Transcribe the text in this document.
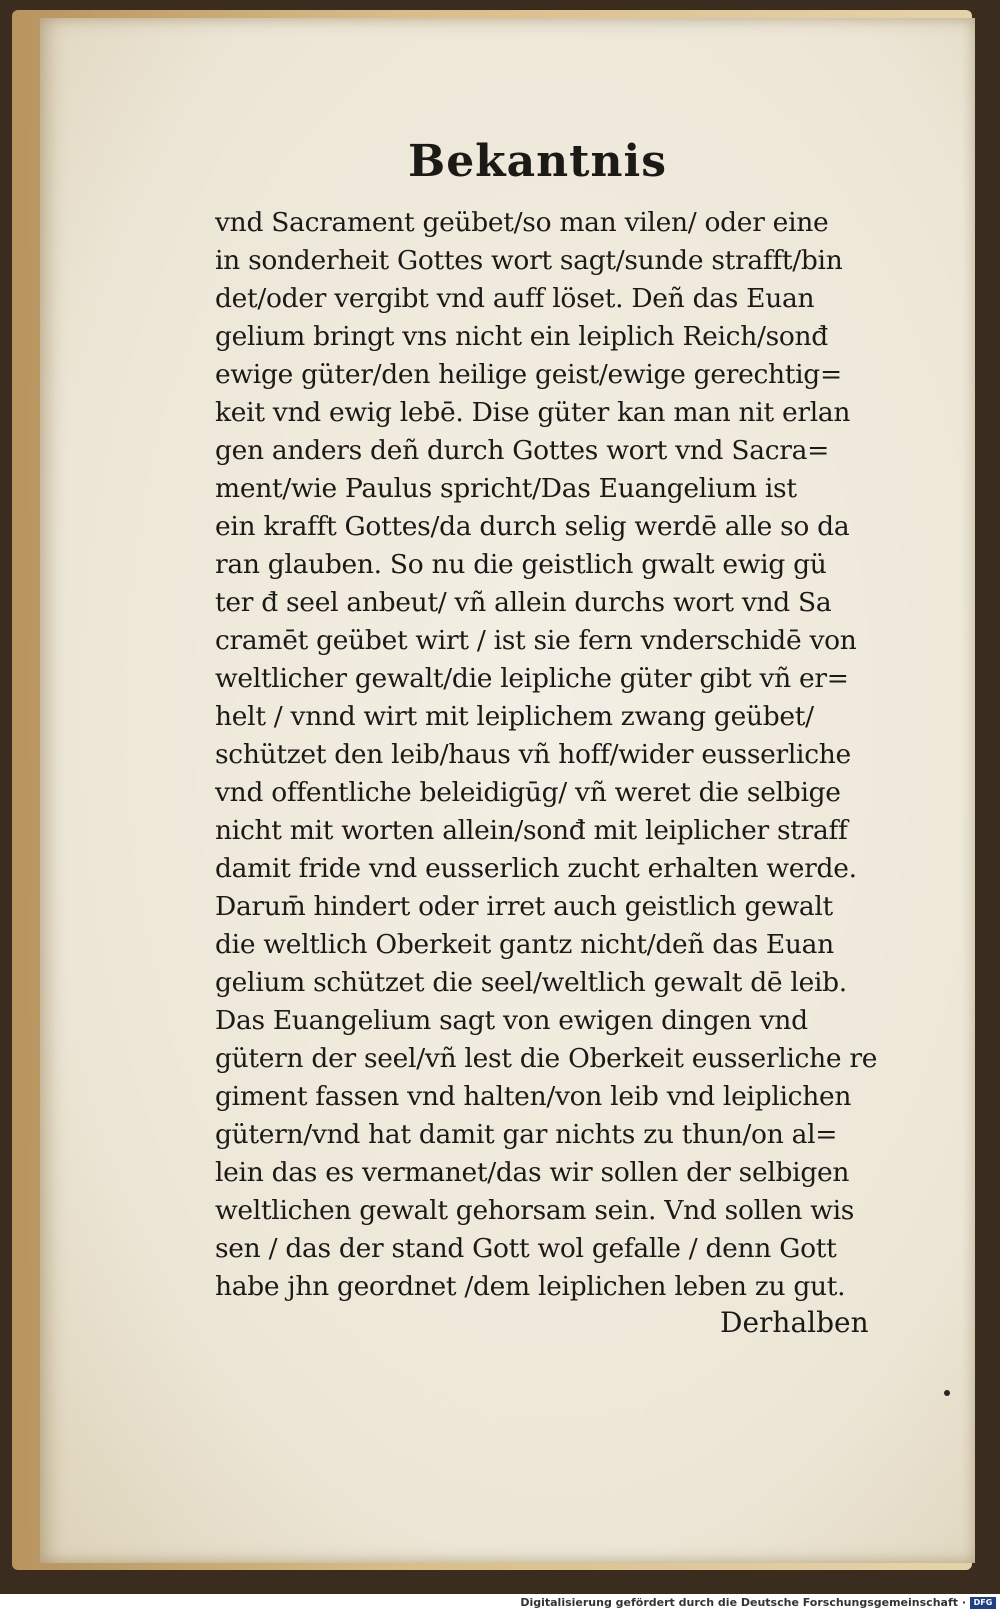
Bekantnis
vnd Sacrament geübet/so man vilen/ oder eine
in sonderheit Gottes wort sagt/sunde strafft/bin
det/oder vergibt vnd auff löset. Deñ das Euan
gelium bringt vns nicht ein leiplich Reich/sonđ
ewige güter/den heilige geist/ewige gerechtig=
keit vnd ewig lebē. Dise güter kan man nit erlan
gen anders deñ durch Gottes wort vnd Sacra=
ment/wie Paulus spricht/Das Euangelium ist
ein krafft Gottes/da durch selig werdē alle so da
ran glauben. So nu die geistlich gwalt ewig gü
ter đ seel anbeut/ vñ allein durchs wort vnd Sa
cramēt geübet wirt / ist sie fern vnderschidē von
weltlicher gewalt/die leipliche güter gibt vñ er=
helt / vnnd wirt mit leiplichem zwang geübet/
schützet den leib/haus vñ hoff/wider eusserliche
vnd offentliche beleidigūg/ vñ weret die selbige
nicht mit worten allein/sonđ mit leiplicher straff
damit fride vnd eusserlich zucht erhalten werde.
Darum̄ hindert oder irret auch geistlich gewalt
die weltlich Oberkeit gantz nicht/deñ das Euan
gelium schützet die seel/weltlich gewalt dē leib.
Das Euangelium sagt von ewigen dingen vnd
gütern der seel/vñ lest die Oberkeit eusserliche re
giment fassen vnd halten/von leib vnd leiplichen
gütern/vnd hat damit gar nichts zu thun/on al=
lein das es vermanet/das wir sollen der selbigen
weltlichen gewalt gehorsam sein. Vnd sollen wis
sen / das der stand Gott wol gefalle / denn Gott
habe jhn geordnet /dem leiplichen leben zu gut.
Derhalben
Digitalisierung gefördert durch die Deutsche Forschungsgemeinschaft · DFG
